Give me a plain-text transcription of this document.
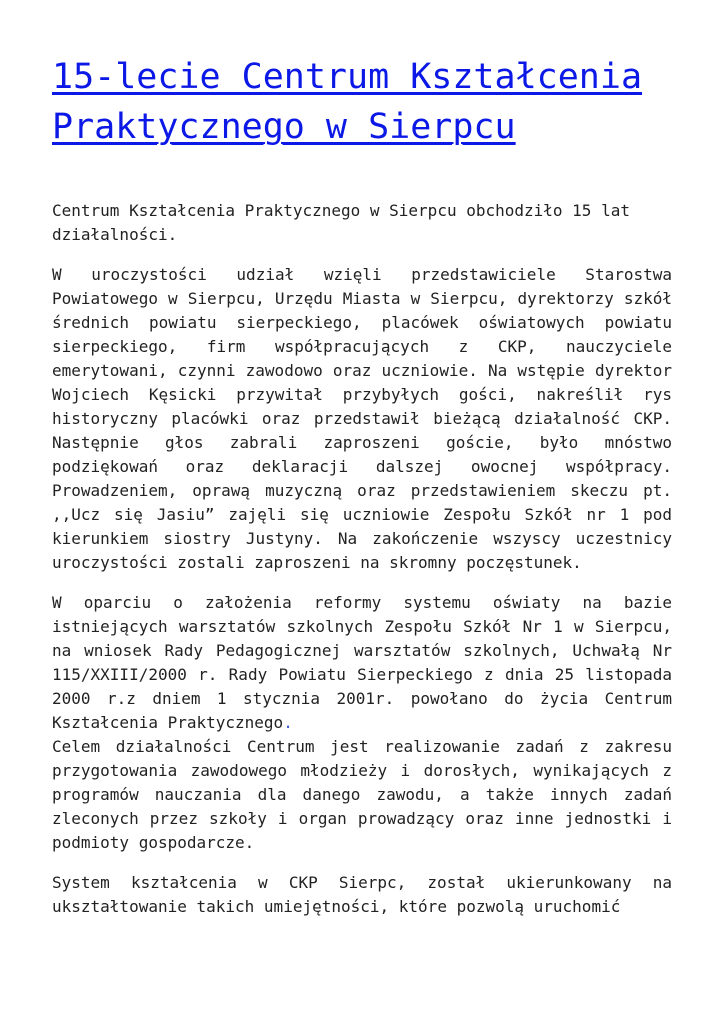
15-lecie Centrum Kształcenia Praktycznego w Sierpcu

Centrum Kształcenia Praktycznego w Sierpcu obchodziło 15 lat działalności.

W uroczystości udział wzięli przedstawiciele Starostwa Powiatowego w Sierpcu, Urzędu Miasta w Sierpcu, dyrektorzy szkół średnich powiatu sierpeckiego, placówek oświatowych powiatu sierpeckiego, firm współpracujących z CKP, nauczyciele emerytowani, czynni zawodowo oraz uczniowie. Na wstępie dyrektor Wojciech Kęsicki przywitał przybyłych gości, nakreślił rys historyczny placówki oraz przedstawił bieżącą działalność CKP. Następnie głos zabrali zaproszeni goście, było mnóstwo podziękowań oraz deklaracji dalszej owocnej współpracy. Prowadzeniem, oprawą muzyczną oraz przedstawieniem skeczu pt. ,,Ucz się Jasiu” zajęli się uczniowie Zespołu Szkół nr 1 pod kierunkiem siostry Justyny. Na zakończenie wszyscy uczestnicy uroczystości zostali zaproszeni na skromny poczęstunek.

W oparciu o założenia reformy systemu oświaty na bazie istniejących warsztatów szkolnych Zespołu Szkół Nr 1 w Sierpcu, na wniosek Rady Pedagogicznej warsztatów szkolnych, Uchwałą Nr 115/XXIII/2000 r. Rady Powiatu Sierpeckiego z dnia 25 listopada 2000 r.z dniem 1 stycznia 2001r. powołano do życia Centrum Kształcenia Praktycznego.

Celem działalności Centrum jest realizowanie zadań z zakresu przygotowania zawodowego młodzieży i dorosłych, wynikających z programów nauczania dla danego zawodu, a także innych zadań zleconych przez szkoły i organ prowadzący oraz inne jednostki i podmioty gospodarcze.

System kształcenia w CKP Sierpc, został ukierunkowany na ukształtowanie takich umiejętności, które pozwolą uruchomić
